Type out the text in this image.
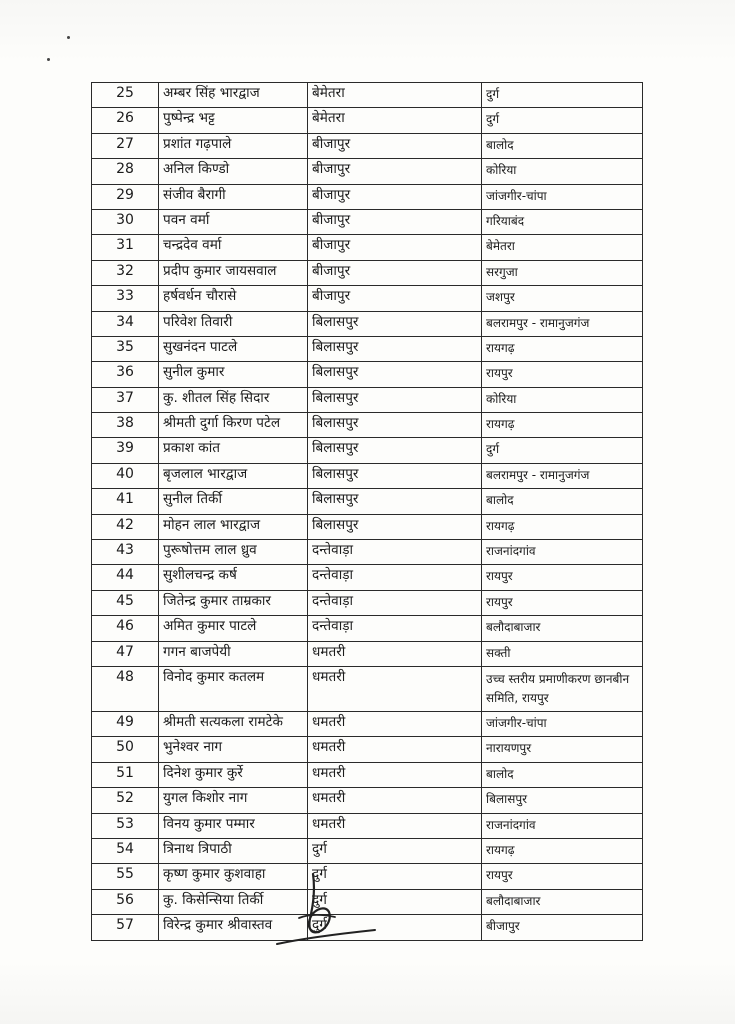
25	अम्बर सिंह भारद्वाज	बेमेतरा	दुर्ग
26	पुष्पेन्द्र भट्ट	बेमेतरा	दुर्ग
27	प्रशांत गढ़पाले	बीजापुर	बालोद
28	अनिल किण्डो	बीजापुर	कोरिया
29	संजीव बैरागी	बीजापुर	जांजगीर-चांपा
30	पवन वर्मा	बीजापुर	गरियाबंद
31	चन्द्रदेव वर्मा	बीजापुर	बेमेतरा
32	प्रदीप कुमार जायसवाल	बीजापुर	सरगुजा
33	हर्षवर्धन चौरासे	बीजापुर	जशपुर
34	परिवेश तिवारी	बिलासपुर	बलरामपुर - रामानुजगंज
35	सुखनंदन पाटले	बिलासपुर	रायगढ़
36	सुनील कुमार	बिलासपुर	रायपुर
37	कु. शीतल सिंह सिदार	बिलासपुर	कोरिया
38	श्रीमती दुर्गा किरण पटेल	बिलासपुर	रायगढ़
39	प्रकाश कांत	बिलासपुर	दुर्ग
40	बृजलाल भारद्वाज	बिलासपुर	बलरामपुर - रामानुजगंज
41	सुनील तिर्की	बिलासपुर	बालोद
42	मोहन लाल भारद्वाज	बिलासपुर	रायगढ़
43	पुरूषोत्तम लाल ध्रुव	दन्तेवाड़ा	राजनांदगांव
44	सुशीलचन्द्र कर्ष	दन्तेवाड़ा	रायपुर
45	जितेन्द्र कुमार ताम्रकार	दन्तेवाड़ा	रायपुर
46	अमित कुमार पाटले	दन्तेवाड़ा	बलौदाबाजार
47	गगन बाजपेयी	धमतरी	सक्ती
48	विनोद कुमार कतलम	धमतरी	उच्च स्तरीय प्रमाणीकरण छानबीन समिति, रायपुर
49	श्रीमती सत्यकला रामटेके	धमतरी	जांजगीर-चांपा
50	भुनेश्वर नाग	धमतरी	नारायणपुर
51	दिनेश कुमार कुर्रे	धमतरी	बालोद
52	युगल किशोर नाग	धमतरी	बिलासपुर
53	विनय कुमार पम्मार	धमतरी	राजनांदगांव
54	त्रिनाथ त्रिपाठी	दुर्ग	रायगढ़
55	कृष्ण कुमार कुशवाहा	दुर्ग	रायपुर
56	कु. किसेन्सिया तिर्की	दुर्ग	बलौदाबाजार
57	विरेन्द्र कुमार श्रीवास्तव	दुर्ग	बीजापुर
